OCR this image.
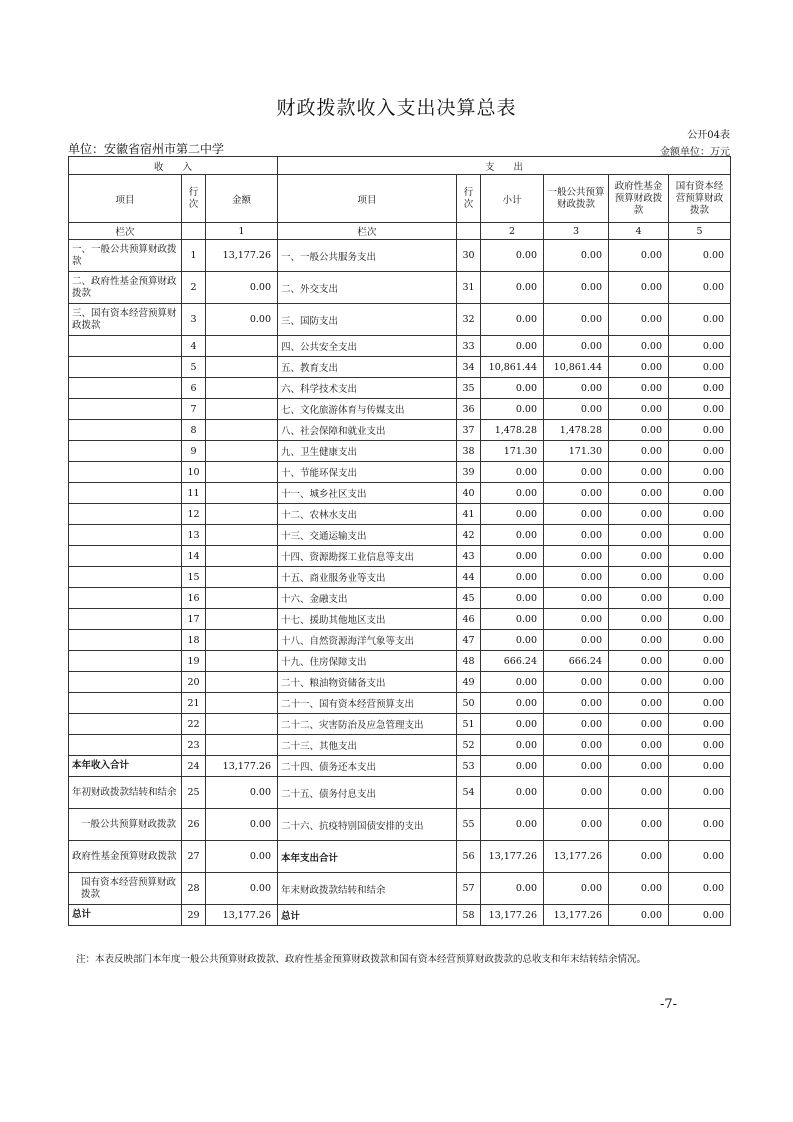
财政拨款收入支出决算总表
公开04表
单位：安徽省宿州市第二中学	金额单位：万元
收　　入			支　　出					
项目	行次	金额	项目	行次	小计	一般公共预算财政拨款	政府性基金预算财政拨款	国有资本经营预算财政拨款
栏次		1	栏次		2	3	4	5
一、一般公共预算财政拨款	1	13,177.26	一、一般公共服务支出	30	0.00	0.00	0.00	0.00
二、政府性基金预算财政拨款	2	0.00	二、外交支出	31	0.00	0.00	0.00	0.00
三、国有资本经营预算财政拨款	3	0.00	三、国防支出	32	0.00	0.00	0.00	0.00
	4		四、公共安全支出	33	0.00	0.00	0.00	0.00
	5		五、教育支出	34	10,861.44	10,861.44	0.00	0.00
	6		六、科学技术支出	35	0.00	0.00	0.00	0.00
	7		七、文化旅游体育与传媒支出	36	0.00	0.00	0.00	0.00
	8		八、社会保障和就业支出	37	1,478.28	1,478.28	0.00	0.00
	9		九、卫生健康支出	38	171.30	171.30	0.00	0.00
	10		十、节能环保支出	39	0.00	0.00	0.00	0.00
	11		十一、城乡社区支出	40	0.00	0.00	0.00	0.00
	12		十二、农林水支出	41	0.00	0.00	0.00	0.00
	13		十三、交通运输支出	42	0.00	0.00	0.00	0.00
	14		十四、资源勘探工业信息等支出	43	0.00	0.00	0.00	0.00
	15		十五、商业服务业等支出	44	0.00	0.00	0.00	0.00
	16		十六、金融支出	45	0.00	0.00	0.00	0.00
	17		十七、援助其他地区支出	46	0.00	0.00	0.00	0.00
	18		十八、自然资源海洋气象等支出	47	0.00	0.00	0.00	0.00
	19		十九、住房保障支出	48	666.24	666.24	0.00	0.00
	20		二十、粮油物资储备支出	49	0.00	0.00	0.00	0.00
	21		二十一、国有资本经营预算支出	50	0.00	0.00	0.00	0.00
	22		二十二、灾害防治及应急管理支出	51	0.00	0.00	0.00	0.00
	23		二十三、其他支出	52	0.00	0.00	0.00	0.00
本年收入合计	24	13,177.26	二十四、债务还本支出	53	0.00	0.00	0.00	0.00
年初财政拨款结转和结余	25	0.00	二十五、债务付息支出	54	0.00	0.00	0.00	0.00
一般公共预算财政拨款	26	0.00	二十六、抗疫特别国债安排的支出	55	0.00	0.00	0.00	0.00
政府性基金预算财政拨款	27	0.00	本年支出合计	56	13,177.26	13,177.26	0.00	0.00
国有资本经营预算财政拨款	28	0.00	年末财政拨款结转和结余	57	0.00	0.00	0.00	0.00
总计	29	13,177.26	总计	58	13,177.26	13,177.26	0.00	0.00
注：本表反映部门本年度一般公共预算财政拨款、政府性基金预算财政拨款和国有资本经营预算财政拨款的总收支和年末结转结余情况。
-7-
